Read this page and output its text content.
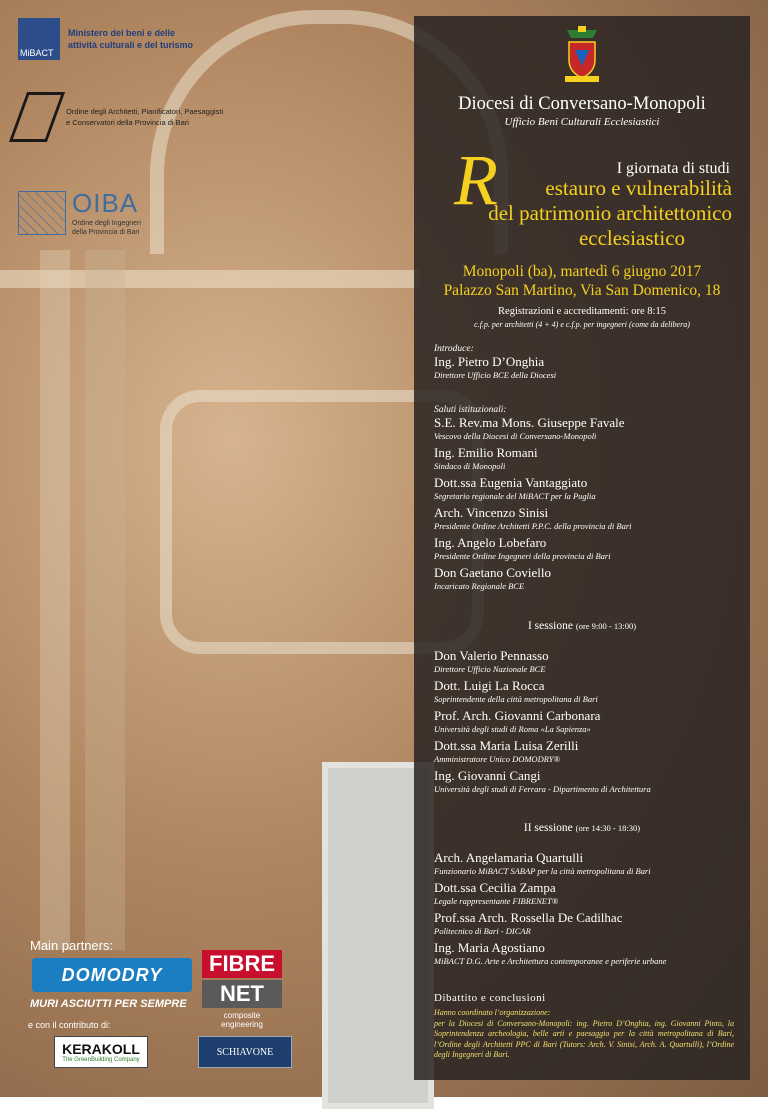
MiBACT
Ministero dei beni e delle
attività culturali e del turismo
Ordine degli Architetti, Pianificatori, Paesaggisti
e Conservatori della Provincia di Bari
OIBA
Ordine degli Ingegneri
della Provincia di Bari
Main partners:
DOMODRY
MURI ASCIUTTI PER SEMPRE
FIBRE
NET
composite engineering
e con il contributo di:
KERAKOLL
The GreenBuilding Company
SCHIAVONE
Diocesi di Conversano-Monopoli
Ufficio Beni Culturali Ecclesiastici
R	I giornata di studi
estauro e vulnerabilità
del patrimonio architettonico
ecclesiastico
Monopoli (ba), martedì 6 giugno 2017
Palazzo San Martino, Via San Domenico, 18
Registrazioni e accreditamenti: ore 8:15
c.f.p. per architetti (4 + 4) e c.f.p. per ingegneri (come da delibera)
Introduce:
Ing. Pietro D’Onghia
Direttore Ufficio BCE della Diocesi
Saluti istituzionali:
S.E. Rev.ma Mons. Giuseppe Favale
Vescovo della Diocesi di Conversano-Monopoli
Ing. Emilio Romani
Sindaco di Monopoli
Dott.ssa Eugenia Vantaggiato
Segretario regionale del MiBACT per la Puglia
Arch. Vincenzo Sinisi
Presidente Ordine Architetti P.P.C. della provincia di Bari
Ing. Angelo Lobefaro
Presidente Ordine Ingegneri della provincia di Bari
Don Gaetano Coviello
Incaricato Regionale BCE
I sessione (ore 9:00 - 13:00)
Don Valerio Pennasso
Direttore Ufficio Nazionale BCE
Dott. Luigi La Rocca
Soprintendente della città metropolitana di Bari
Prof. Arch. Giovanni Carbonara
Università degli studi di Roma «La Sapienza»
Dott.ssa Maria Luisa Zerilli
Amministratore Unico DOMODRY®
Ing. Giovanni Cangi
Università degli studi di Ferrara - Dipartimento di Architettura
II sessione (ore 14:30 - 18:30)
Arch. Angelamaria Quartulli
Funzionario MiBACT SABAP per la città metropolitana di Bari
Dott.ssa Cecilia Zampa
Legale rappresentante FIBRENET®
Prof.ssa Arch. Rossella De Cadilhac
Politecnico di Bari - DICAR
Ing. Maria Agostiano
MiBACT D.G. Arte e Architettura contemporanee e periferie urbane
Dibattito e conclusioni
Hanno coordinato l’organizzazione:
per la Diocesi di Conversano-Monopoli: ing. Pietro D’Onghia, ing. Giovanni Pinto, la Soprintendenza archeologia, belle arti e paesaggio per la città metropolitana di Bari, l’Ordine degli Architetti PPC di Bari (Tutors: Arch. V. Sinisi, Arch. A. Quartulli), l’Ordine degli Ingegneri di Bari.
